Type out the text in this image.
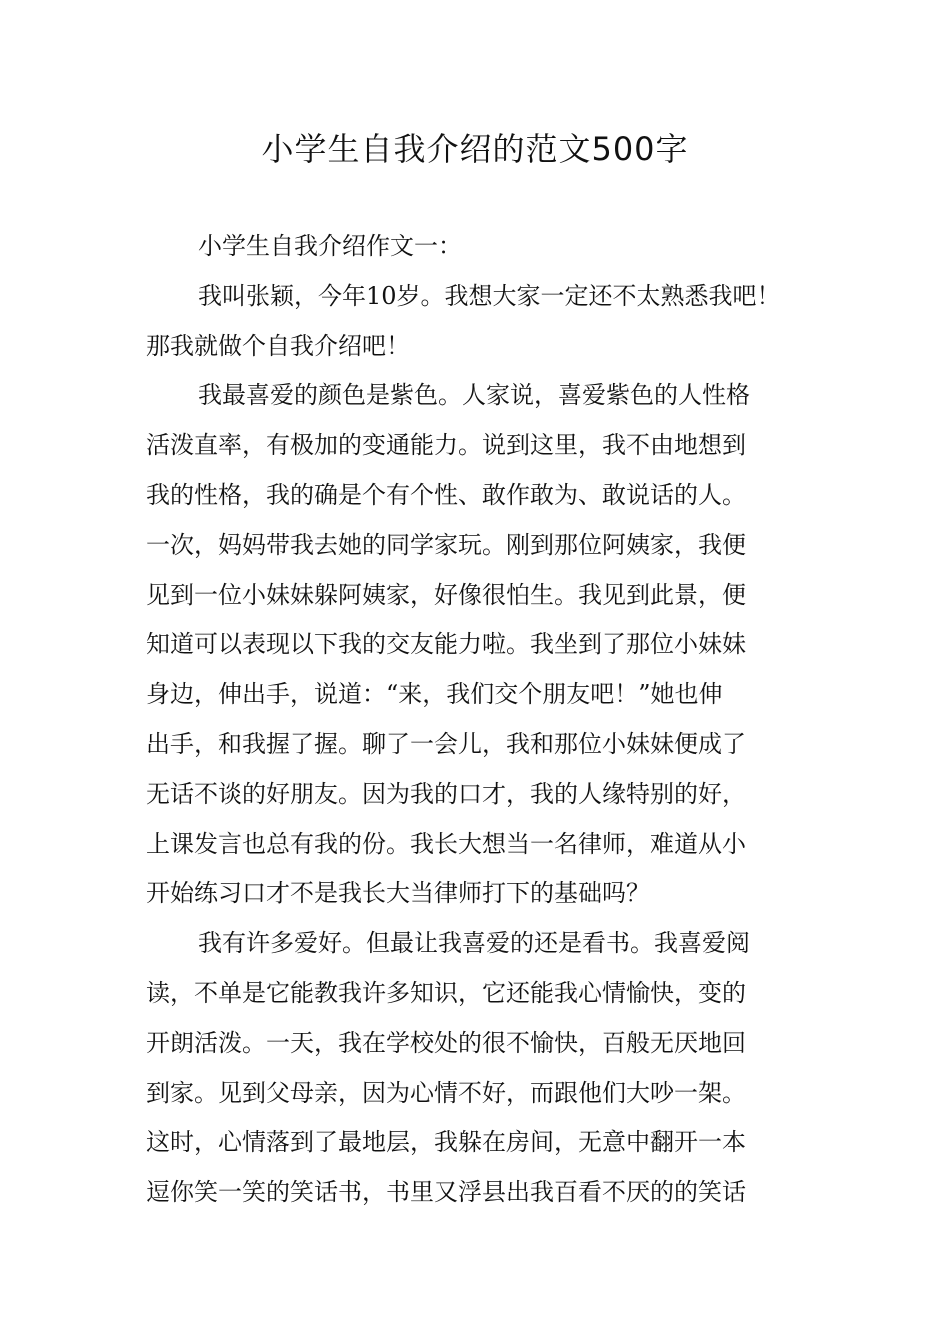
小学生自我介绍的范文500字
小学生自我介绍作文一：
我叫张颖，今年10岁。我想大家一定还不太熟悉我吧！
那我就做个自我介绍吧！
我最喜爱的颜色是紫色。人家说，喜爱紫色的人性格
活泼直率，有极加的变通能力。说到这里，我不由地想到
我的性格，我的确是个有个性、敢作敢为、敢说话的人。
一次，妈妈带我去她的同学家玩。刚到那位阿姨家，我便
见到一位小妹妹躲阿姨家，好像很怕生。我见到此景，便
知道可以表现以下我的交友能力啦。我坐到了那位小妹妹
身边，伸出手，说道：“来，我们交个朋友吧！”她也伸
出手，和我握了握。聊了一会儿，我和那位小妹妹便成了
无话不谈的好朋友。因为我的口才，我的人缘特别的好，
上课发言也总有我的份。我长大想当一名律师，难道从小
开始练习口才不是我长大当律师打下的基础吗？
我有许多爱好。但最让我喜爱的还是看书。我喜爱阅
读，不单是它能教我许多知识，它还能我心情愉快，变的
开朗活泼。一天，我在学校处的很不愉快，百般无厌地回
到家。见到父母亲，因为心情不好，而跟他们大吵一架。
这时，心情落到了最地层，我躲在房间，无意中翻开一本
逗你笑一笑的笑话书，书里又浮县出我百看不厌的的笑话
